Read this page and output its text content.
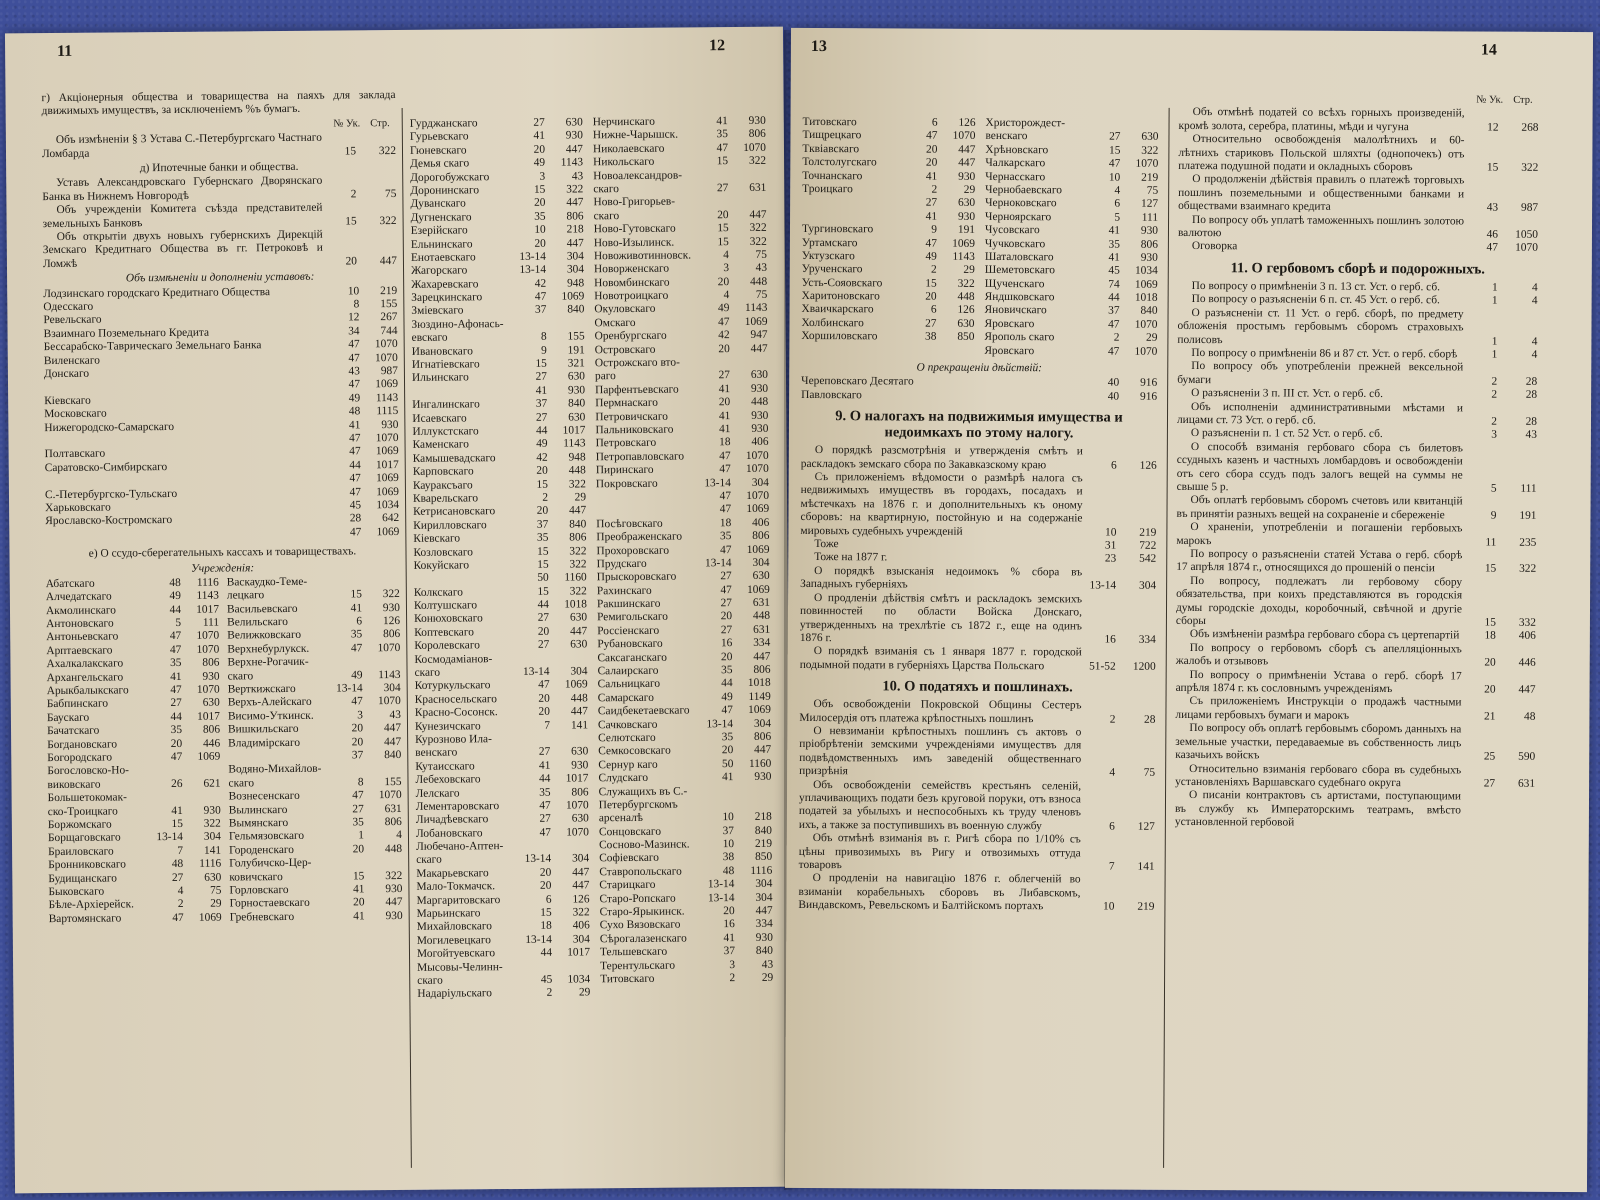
11	12
г) Акціонерныя общества и товарищества на паяхъ для заклада движимыхъ имуществъ, за исключеніемъ %ъ бумагъ.
№ Ук. Стр.
Объ измѣненіи § 3 Устава С.-Петербургскаго Частнаго Ломбарда	15	322
д) Ипотечные банки и общества.
Уставъ Александровскаго Губернскаго Дворянскаго Банка въ Нижнемъ Новгородѣ	2	75
Объ учрежденіи Комитета съѣзда представителей земельныхъ Банковъ	15	322
Объ открытіи двухъ новыхъ губернскихъ Дирекцій Земскаго Кредитнаго Общества въ гг. Петроковѣ и Ломжѣ	20	447
Объ измѣненіи и дополненіи уставовъ:
Лодзинскаго городскаго Кредитнаго Общества	10	219
Одесскаго	8	155
Ревельскаго	12	267
Взаимнаго Поземельнаго Кредита	34	744
Бессарабско-Таврическаго Земельнаго Банка	47	1070
Виленскаго	47	1070
Донскаго	43	987
47	1069
Кіевскаго	49	1143
Московскаго	48	1115
Нижегородско-Самарскаго	41	930
47	1070
Полтавскаго	47	1069
Саратовско-Симбирскаго	44	1017
47	1069
С.-Петербургско-Тульскаго	47	1069
Харьковскаго	45	1034
Ярославско-Костромскаго	28	642
47	1069
е) О ссудо-сберегательныхъ кассахъ и товариществахъ.
Учрежденія:
Абатскаго	48	1116
Алчедатскаго	49	1143
Акмолинскаго	44	1017
Антоновскаго	5	111
Антоньевскаго	47	1070
Арптаевскаго	47	1070
Ахалкалакскаго	35	806
Архангельскаго	41	930
Арыкбалыкскаго	47	1070
Бабпинскаго	27	630
Баускаго	44	1017
Бачатскаго	35	806
Богдановскаго	20	446
Богородскаго	47	1069
Богословско-Но-
виковскаго	26	621
Большетокомак-
ско-Троицкаго	41	930
Боржомскаго	15	322
Борщаговскаго	13-14	304
Браиловскаго	7	141
Бронниковскаго	48	1116
Будищанскаго	27	630
Быковскаго	4	75
Бѣле-Архіерейск.	2	29
Вартомянскаго	47	1069
Васкаудко-Теме-
лецкаго	15	322
Васильевскаго	41	930
Велильскаго	6	126
Велижковскаго	35	806
Верхнебурлукск.	47	1070
Верхне-Рогачик-
скаго	49	1143
Верткижскаго	13-14	304
Верхъ-Алейскаго	47	1070
Висимо-Уткинск.	3	43
Вишкильскаго	20	447
Владимірскаго	20	447
37	840
Водяно-Михайлов-
скаго	8	155
Вознесенскаго	47	1070
Вылинскаго	27	631
Вымянскаго	35	806
Гельмязовскаго	1	4
Городенскаго	20	448
Голубичско-Цер-
ковичскаго	15	322
Горловскаго	41	930
Горностаевскаго	20	447
Гребневскаго	41	930
Гурджанскаго	27	630
Гурьевскаго	41	930
Гюневскаго	20	447
Демья скаго	49	1143
Дорогобужскаго	3	43
Доронинскаго	15	322
Дуванскаго	20	447
Дугненскаго	35	806
Езерійскаго	10	218
Ельнинскаго	20	447
Енотаевскаго	13-14	304
Жагорскаго	13-14	304
Жахаревскаго	42	948
Зарецкинскаго	47	1069
Зміевскаго	37	840
Зюздино-Афонась-
евскаго	8	155
Ивановскаго	9	191
Игнатіевскаго	15	321
Ильинскаго	27	630
41	930
Ингалинскаго	37	840
Исаевскаго	27	630
Иллукстскаго	44	1017
Каменскаго	49	1143
Камышевадскаго	42	948
Карповскаго	20	448
Каураксъаго	15	322
Кварельскаго	2	29
Кетрисановскаго	20	447
Кирилловскаго	37	840
Кіевскаго	35	806
Козловскаго	15	322
Кокуйскаго	15	322
50	1160
Колкскаго	15	322
Колтушскаго	44	1018
Конюховскаго	27	630
Коптевскаго	20	447
Королевскаго	27	630
Космодаміанов-
скаго	13-14	304
Котуркульскаго	47	1069
Красносельскаго	20	448
Красно-Сосонск.	20	447
Кунезичскаго	7	141
Курозново Ила-
венскаго	27	630
Кутаисскаго	41	930
Лебеховскаго	44	1017
Лелскаго	35	806
Лементаровскаго	47	1070
Личадѣевскаго	27	630
Лобановскаго	47	1070
Любечано-Аптен-
скаго	13-14	304
Макарьевскаго	20	447
Мало-Токмачск.	20	447
Маргаритовскаго	6	126
Марьинскаго	15	322
Михайловскаго	18	406
Могилевецкаго	13-14	304
Могойтуевскаго	44	1017
Мысовы-Челинн-
скаго	45	1034
Надарiульскаго	2	29
Нерчинскаго	41	930
Нижне-Чарышск.	35	806
Николаевскаго	47	1070
Никольскаго	15	322
Новоалександров-
скаго	27	631
Ново-Григорьев-
скаго	20	447
Ново-Гутовскаго	15	322
Ново-Изылинск.	15	322
Новоживотинновск.	4	75
Новорженскаго	3	43
Новомбинскаго	20	448
Новотроицкаго	4	75
Окуловскаго	49	1143
Омскаго	47	1069
Оренбургскаго	42	947
Островскаго	20	447
Острожскаго вто-
раго	27	630
Парфентьевскаго	41	930
Пермнаскаго	20	448
Петровичскаго	41	930
Пальниковскаго	41	930
Петровскаго	18	406
Петропавловскаго	47	1070
Пиринскаго	47	1070
Покровскаго	13-14	304
47	1070
47	1069
Посѣговскаго	18	406
Преображенскаго	35	806
Прохоровскаго	47	1069
Прудскаго	13-14	304
Прыскоровскаго	27	630
Рахинскаго	47	1069
Ракшинскаго	27	631
Ремигольскаго	20	448
Россіенскаго	27	631
Рубановскаго	16	334
Саксаганскаго	20	447
Салаирскаго	35	806
Сальницкаго	44	1018
Самарскаго	49	1149
Саидбекетаевскаго	47	1069
Сачковскаго	13-14	304
Селютскаго	35	806
Семкосовскаго	20	447
Сернур каго	50	1160
Слудскаго	41	930
Служащихъ въ С.-
Петербургскомъ
арсеналѣ	10	218
Сонцовскаго	37	840
Сосново-Мазинск.	10	219
Софіевскаго	38	850
Ставропольскаго	48	1116
Старицкаго	13-14	304
Старо-Ропскаго	13-14	304
Старо-Ярыкинск.	20	447
Сухо Вязовскаго	16	334
Сѣрогалазенскаго	41	930
Тельшевскаго	37	840
Терентульскаго	3	43
Титовскаго	2	29
13	14
Титовскаго	6	126
Тищрецкаго	47	1070
Тквіавскаго	20	447
Толстолугскаго	20	447
Точнанскаго	41	930
Троицкаго	2	29
27	630
41	930
Тургиновскаго	9	191
Уртамскаго	47	1069
Уктузскаго	49	1143
Урученскаго	2	29
Усть-Сояовскаго	15	322
Харитоновскаго	20	448
Хваичкарскаго	6	126
Холбинскаго	27	630
Хоршиловскаго	38	850
Христорождест-
венскаго	27	630
Хрѣновскаго	15	322
Чалкарскаго	47	1070
Чернасскаго	10	219
Чернобаевскаго	4	75
Черноковскаго	6	127
Черноярскаго	5	111
Чусовскаго	41	930
Чучковскаго	35	806
Шаталовскаго	41	930
Шеметовскаго	45	1034
Щученскаго	74	1069
Яндшковскаго	44	1018
Яновичскаго	37	840
Яровскаго	47	1070
Ярополь скаго	2	29
Яровскаго	47	1070
О прекращеніи дѣйствій:
Череповскаго Десятаго	40	916
Павловскаго	40	916
9. О налогахъ на подвижимыя имущества и недоимкахъ по этому налогу.
О порядкѣ разсмотрѣнія и утвержденія смѣтъ и раскладокъ земскаго сбора по Закавказскому краю	6	126
Съ приложеніемъ вѣдомости о размѣрѣ налога съ недвижимыхъ имуществъ въ городахъ, посадахъ и мѣстечкахъ на 1876 г. и дополнительныхъ къ оному сборовъ: на квартирную, постойную и на содержаніе мировыхъ судебныхъ учрежденій	10	219
Тоже	31	722
Тоже на 1877 г.	23	542
О порядкѣ взысканія недоимокъ % сбора въ Западныхъ губерніяхъ	13-14	304
О продленіи дѣйствія смѣтъ и раскладокъ земскихъ повинностей по области Войска Донскаго, утвержденныхъ на трехлѣтіе съ 1872 г., еще на одинъ 1876 г.	16	334
О порядкѣ взиманія съ 1 января 1877 г. городской подымной подати в губерніяхъ Царства Польскаго	51-52	1200
10. О податяхъ и пошлинахъ.
Объ освобожденіи Покровской Общины Сестеръ Милосердія отъ платежа крѣпостныхъ пошлинъ	2	28
О невзиманіи крѣпостныхъ пошлинъ съ актовъ о пріобрѣтеніи земскими учрежденіями имуществъ для подвѣдомственныхъ имъ заведеній общественнаго призрѣнія	4	75
Объ освобожденіи семействъ крестьянъ селеній, уплачивающихъ подати безъ круговой поруки, отъ взноса податей за убылыхъ и неспособныхъ къ труду членовъ ихъ, а также за поступившихъ въ военную службу	6	127
Объ отмѣнѣ взиманія въ г. Ригѣ сбора по 1/10% съ цѣны привозимыхъ въ Ригу и отвозимыхъ оттуда товаровъ	7	141
О продленіи на навигацію 1876 г. облегченій во взиманіи корабельныхъ сборовъ въ Либавскомъ, Виндавскомъ, Ревельскомъ и Балтійскомъ портахъ	10	219
№ Ук. Стр.
Объ отмѣнѣ податей со всѣхъ горныхъ произведеній, кромѣ золота, серебра, платины, мѣди и чугуна	12	268
Относительно освобожденія малолѣтнихъ и 60-лѣтнихъ стариковъ Польской шляхты (однопочекъ) отъ платежа подушной подати и окладныхъ сборовъ	15	322
О продолженіи дѣйствія правилъ о платежѣ торговыхъ пошлинъ поземельными и общественными банками и обществами взаимнаго кредита	43	987
По вопросу объ уплатѣ таможенныхъ пошлинъ золотою валютою	46	1050
Оговорка	47	1070
11. О гербовомъ сборѣ и подорожныхъ.
По вопросу о примѣненіи 3 п. 13 ст. Уст. о герб. сб.	1	4
По вопросу о разъясненіи 6 п. ст. 45 Уст. о герб. сб.	1	4
О разъясненіи ст. 11 Уст. о герб. сборѣ, по предмету обложенія простымъ гербовымъ сборомъ страховыхъ полисовъ	1	4
По вопросу о примѣненіи 86 и 87 ст. Уст. о герб. сборѣ	1	4
По вопросу объ употребленіи прежней вексельной бумаги	2	28
О разъясненіи 3 п. III ст. Уст. о герб. сб.	2	28
Объ исполненіи административными мѣстами и лицами ст. 73 Уст. о герб. сб.	2	28
О разъясненіи п. 1 ст. 52 Уст. о герб. сб.	3	43
О способѣ взиманія гербоваго сбора съ билетовъ ссудныхъ казенъ и частныхъ ломбардовъ и освобожденіи отъ сего сбора ссудъ подъ залогъ вещей на суммы не свыше 5 р.	5	111
Объ оплатѣ гербовымъ сборомъ счетовъ или квитанцій въ принятіи разныхъ вещей на сохраненіе и сбереженіе	9	191
О храненіи, употребленіи и погашеніи гербовыхъ марокъ	11	235
По вопросу о разъясненіи статей Устава о герб. сборѣ 17 апрѣля 1874 г., относящихся до прошеній о пенсіи	15	322
По вопросу, подлежатъ ли гербовому сбору обязательства, при коихъ представляются въ городскія думы городскіе доходы, коробочный, свѣчной и другіе сборы	15	332
Объ измѣненіи размѣра гербоваго сбора съ цертепартій	18	406
По вопросу о гербовомъ сборѣ съ апелляціонныхъ жалобъ и отзывовъ	20	446
По вопросу о примѣненіи Устава о герб. сборѣ 17 апрѣля 1874 г. къ сословнымъ учрежденіямъ	20	447
Съ приложеніемъ Инструкціи о продажѣ частными лицами гербовыхъ бумаги и марокъ	21	48
По вопросу объ оплатѣ гербовымъ сборомъ данныхъ на земельные участки, передаваемые въ собственность лицъ казачьихъ войскъ	25	590
Относительно взиманія гербоваго сбора въ судебныхъ установленіяхъ Варшавскаго судебнаго округа	27	631
О писаніи контрактовъ съ артистами, поступающими въ службу къ Императорскимъ театрамъ, вмѣсто установленной гербовой
